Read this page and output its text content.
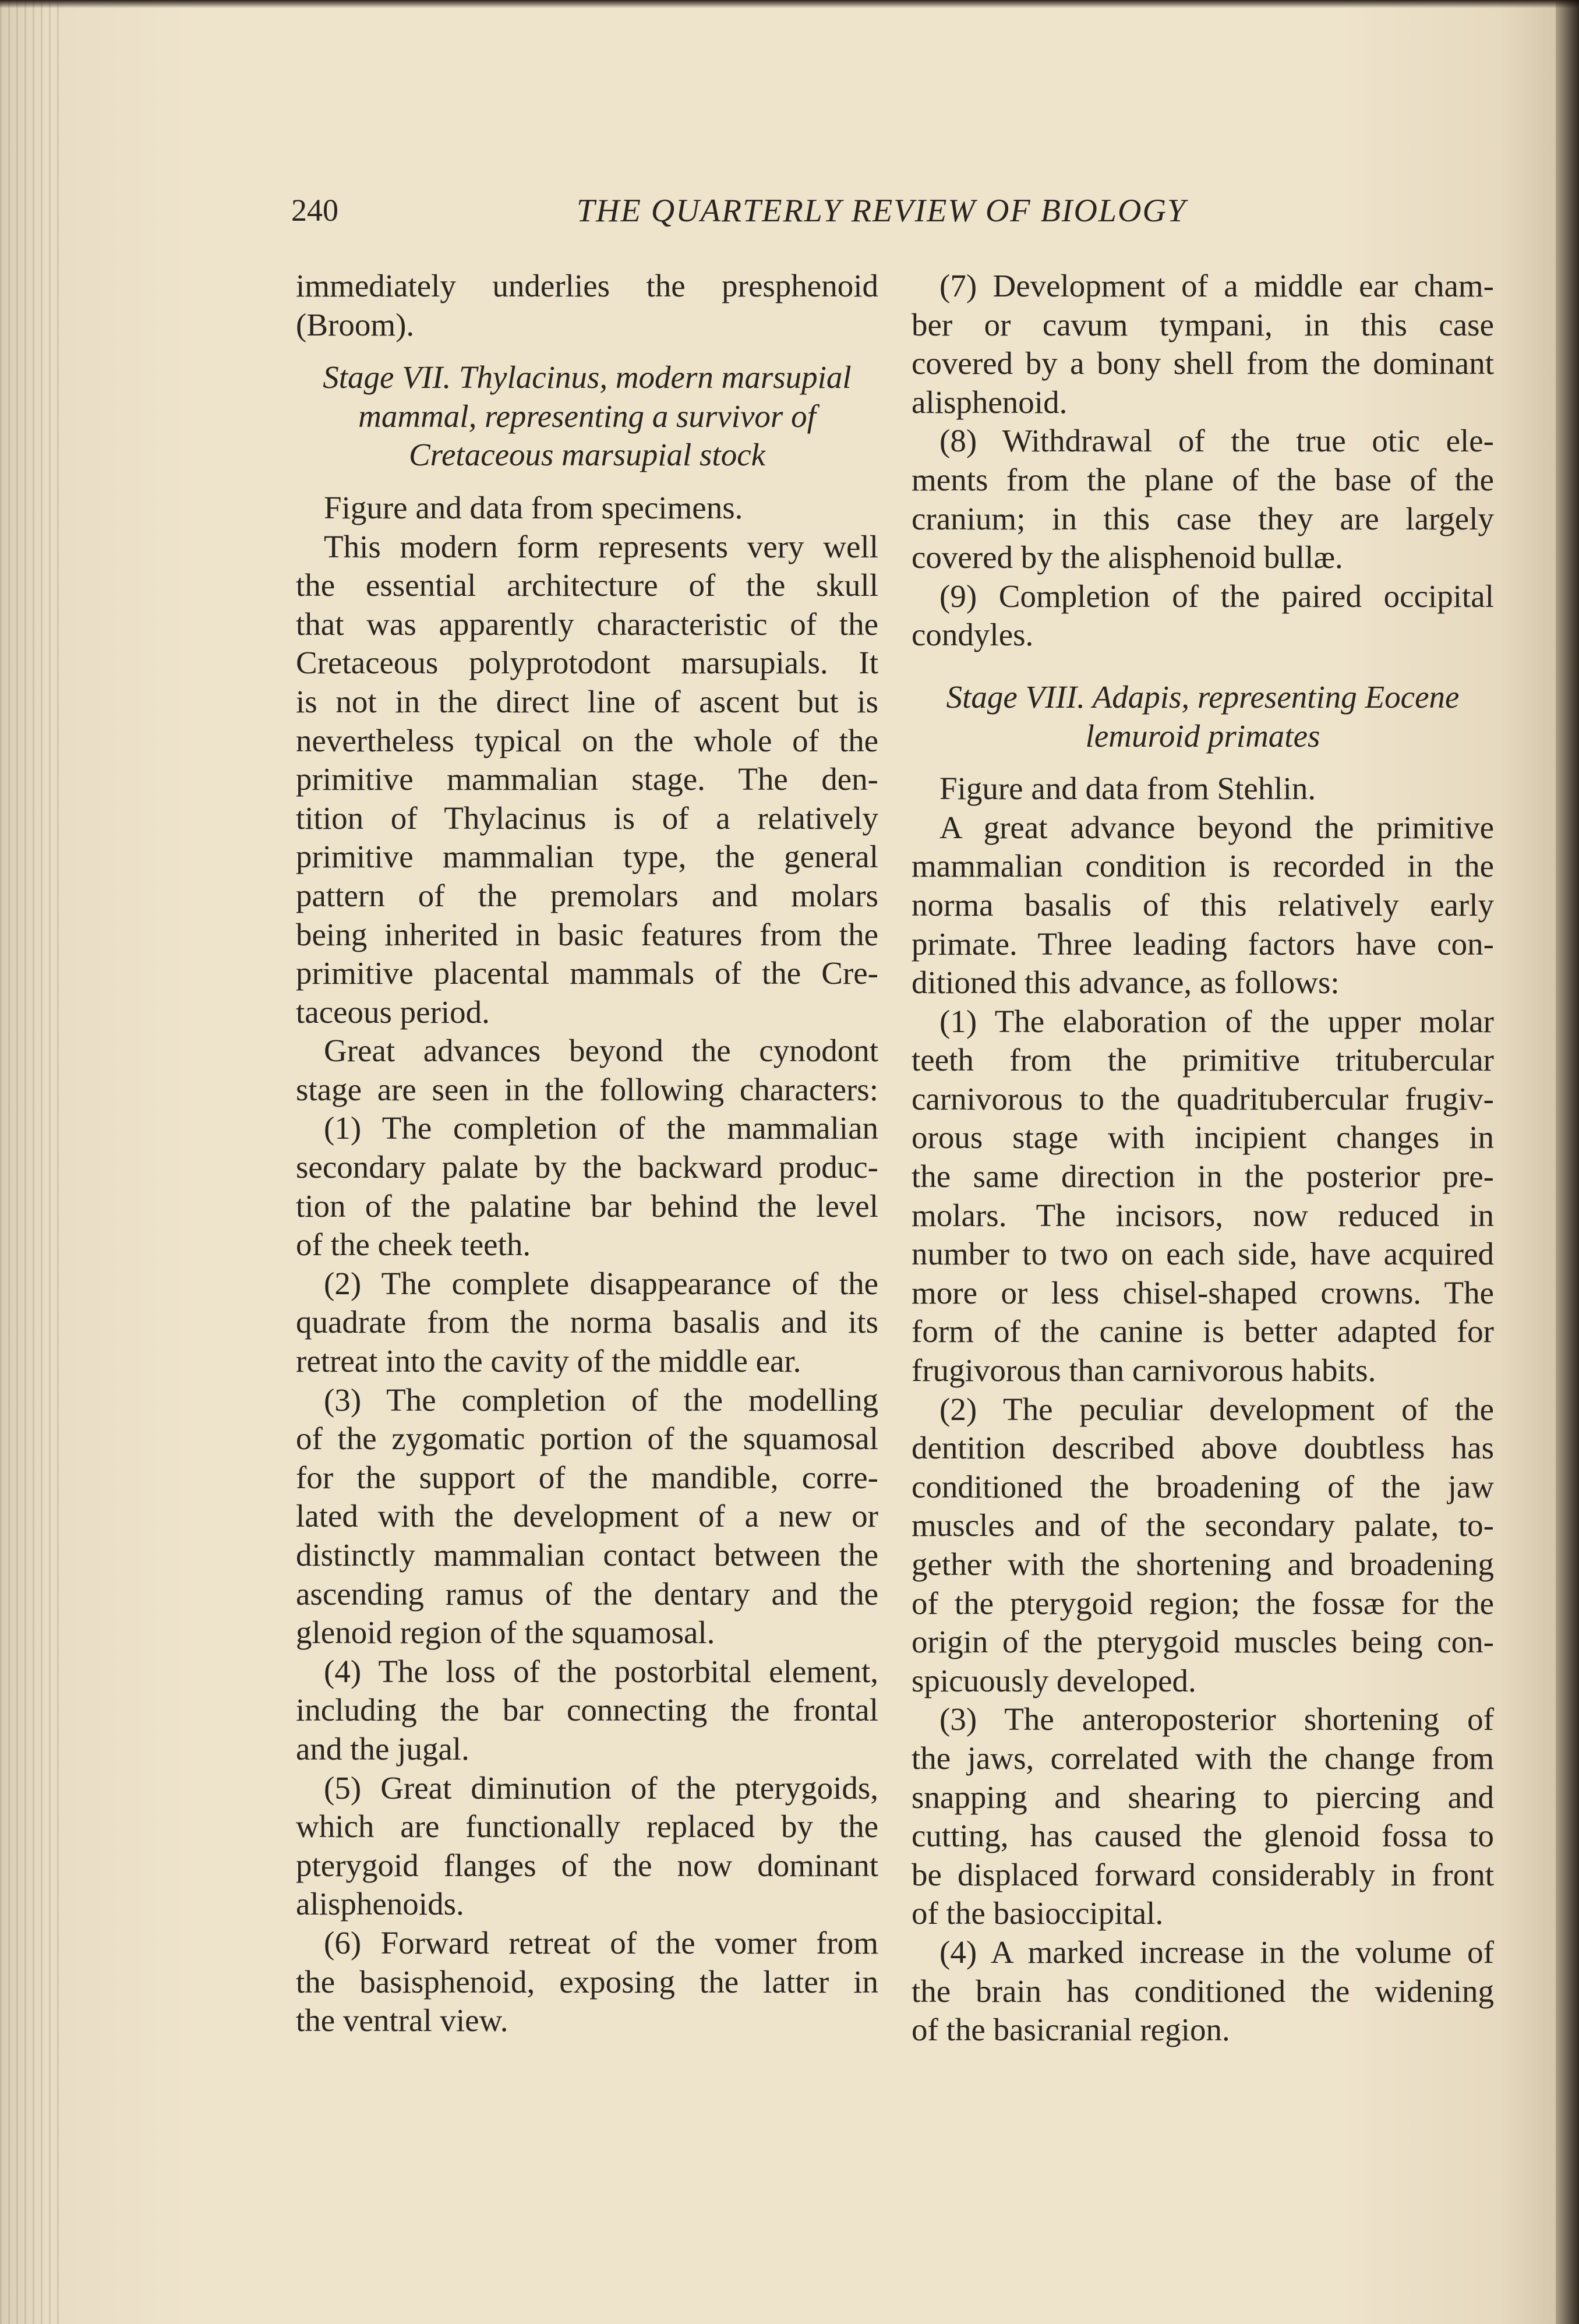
240	THE QUARTERLY REVIEW OF BIOLOGY
immediately underlies the presphenoid
(Broom).
Stage VII. Thylacinus, modern marsupial
mammal, representing a survivor of
Cretaceous marsupial stock
Figure and data from specimens.
This modern form represents very well
the essential architecture of the skull
that was apparently characteristic of the
Cretaceous polyprotodont marsupials. It
is not in the direct line of ascent but is
nevertheless typical on the whole of the
primitive mammalian stage. The den-
tition of Thylacinus is of a relatively
primitive mammalian type, the general
pattern of the premolars and molars
being inherited in basic features from the
primitive placental mammals of the Cre-
taceous period.
Great advances beyond the cynodont
stage are seen in the following characters:
(1) The completion of the mammalian
secondary palate by the backward produc-
tion of the palatine bar behind the level
of the cheek teeth.
(2) The complete disappearance of the
quadrate from the norma basalis and its
retreat into the cavity of the middle ear.
(3) The completion of the modelling
of the zygomatic portion of the squamosal
for the support of the mandible, corre-
lated with the development of a new or
distinctly mammalian contact between the
ascending ramus of the dentary and the
glenoid region of the squamosal.
(4) The loss of the postorbital element,
including the bar connecting the frontal
and the jugal.
(5) Great diminution of the pterygoids,
which are functionally replaced by the
pterygoid flanges of the now dominant
alisphenoids.
(6) Forward retreat of the vomer from
the basisphenoid, exposing the latter in
the ventral view.
(7) Development of a middle ear cham-
ber or cavum tympani, in this case
covered by a bony shell from the dominant
alisphenoid.
(8) Withdrawal of the true otic ele-
ments from the plane of the base of the
cranium; in this case they are largely
covered by the alisphenoid bullæ.
(9) Completion of the paired occipital
condyles.
Stage VIII. Adapis, representing Eocene
lemuroid primates
Figure and data from Stehlin.
A great advance beyond the primitive
mammalian condition is recorded in the
norma basalis of this relatively early
primate. Three leading factors have con-
ditioned this advance, as follows:
(1) The elaboration of the upper molar
teeth from the primitive tritubercular
carnivorous to the quadritubercular frugiv-
orous stage with incipient changes in
the same direction in the posterior pre-
molars. The incisors, now reduced in
number to two on each side, have acquired
more or less chisel-shaped crowns. The
form of the canine is better adapted for
frugivorous than carnivorous habits.
(2) The peculiar development of the
dentition described above doubtless has
conditioned the broadening of the jaw
muscles and of the secondary palate, to-
gether with the shortening and broadening
of the pterygoid region; the fossæ for the
origin of the pterygoid muscles being con-
spicuously developed.
(3) The anteroposterior shortening of
the jaws, correlated with the change from
snapping and shearing to piercing and
cutting, has caused the glenoid fossa to
be displaced forward considerably in front
of the basioccipital.
(4) A marked increase in the volume of
the brain has conditioned the widening
of the basicranial region.
